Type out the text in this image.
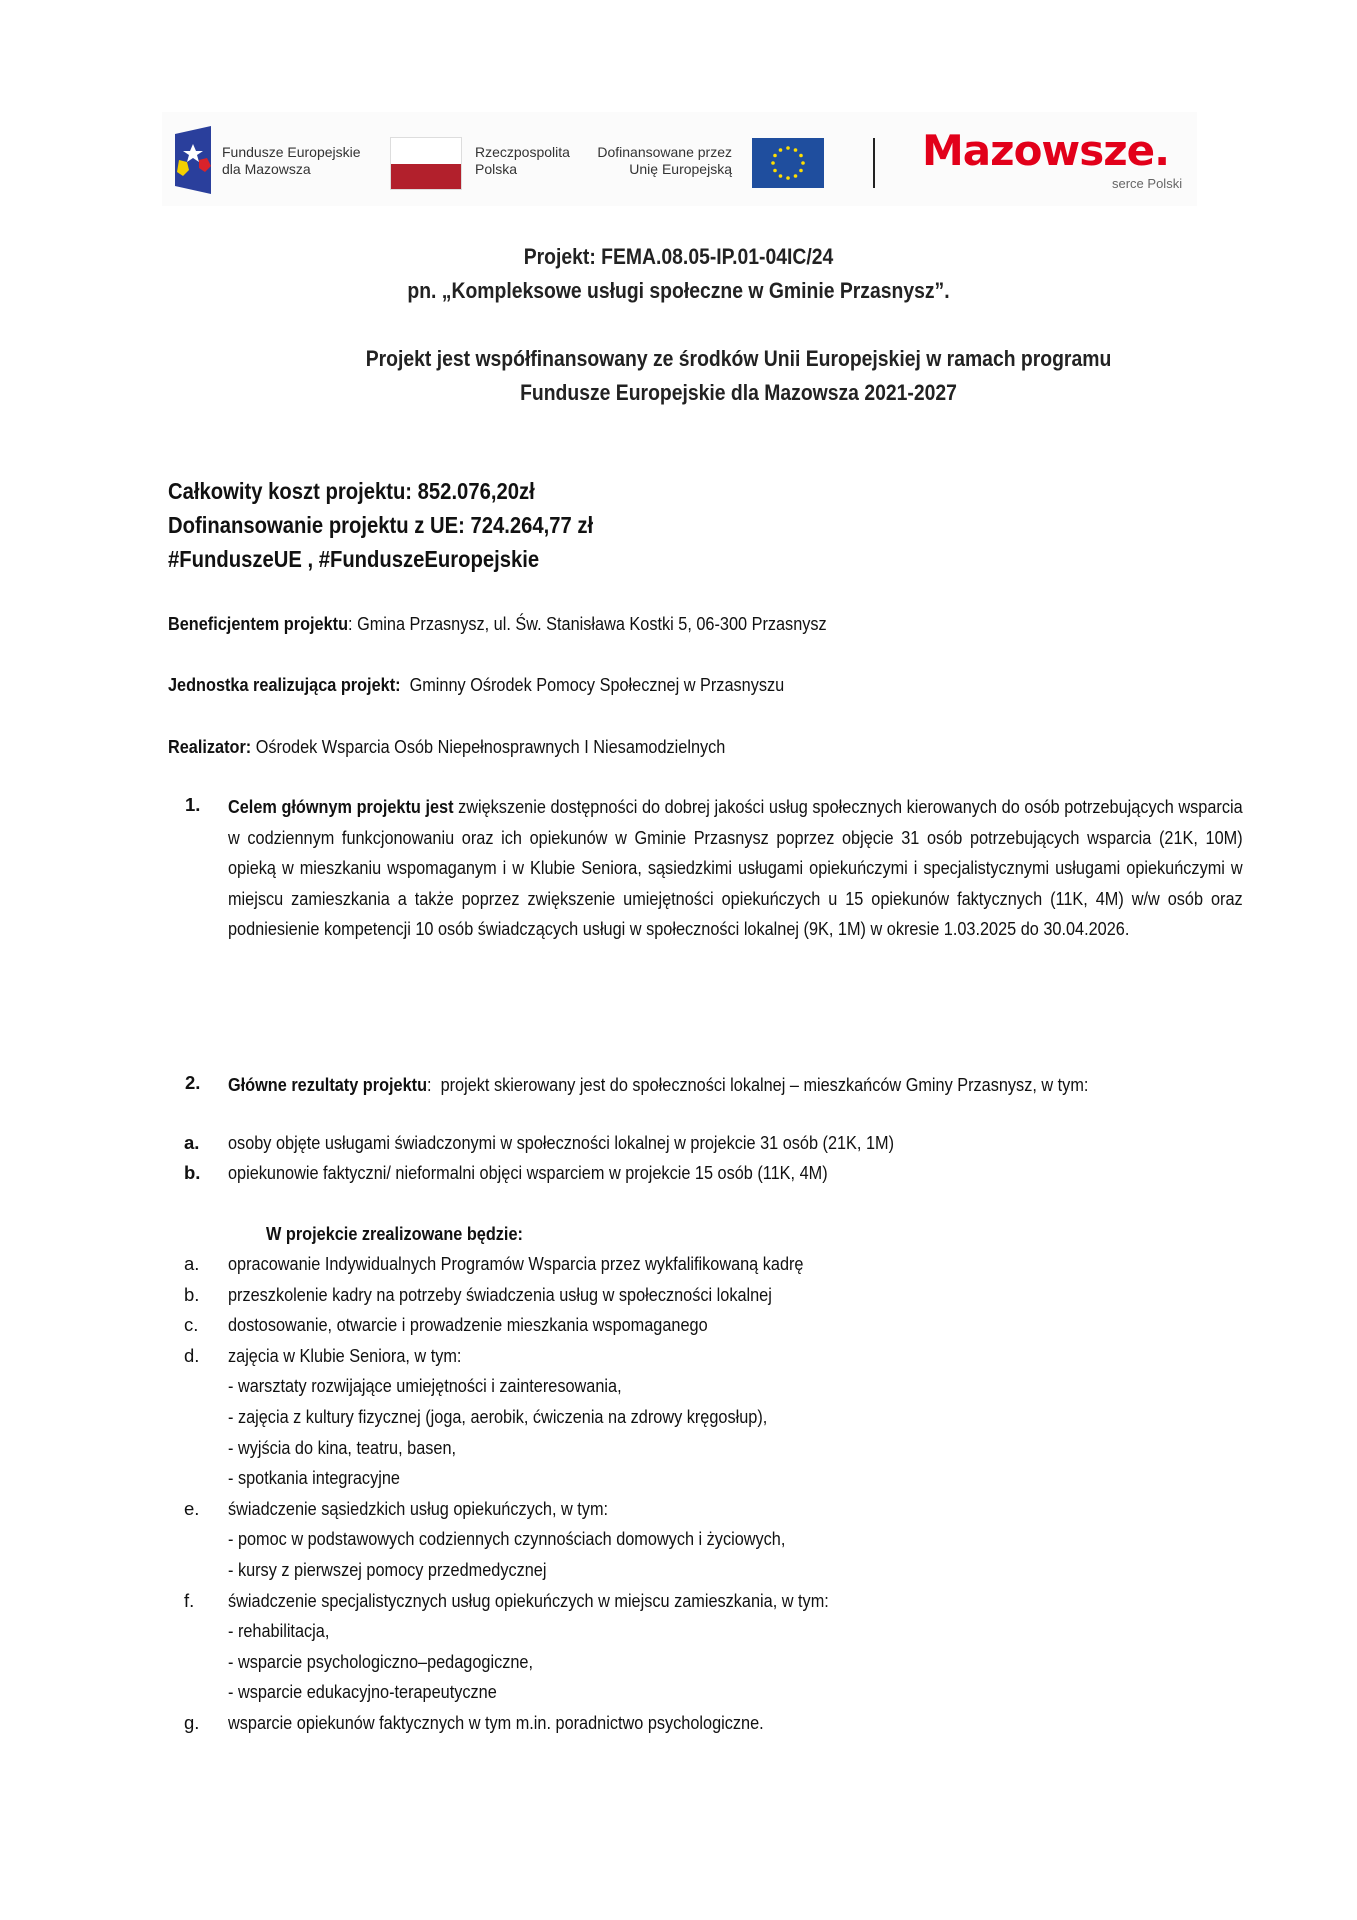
Fundusze Europejskie
dla Mazowsza
Rzeczpospolita
Polska
Dofinansowane przez
Unię Europejską	Mazowsze.
serce Polski
Projekt: FEMA.08.05-IP.01-04IC/24
pn. „Kompleksowe usługi społeczne w Gminie Przasnysz”.
Projekt jest współfinansowany ze środków Unii Europejskiej w ramach programu
Fundusze Europejskie dla Mazowsza 2021-2027
Całkowity koszt projektu: 852.076,20zł
Dofinansowanie projektu z UE: 724.264,77 zł
#FunduszeUE , #FunduszeEuropejskie
Beneficjentem projektu: Gmina Przasnysz, ul. Św. Stanisława Kostki 5, 06-300 Przasnysz
Jednostka realizująca projekt:  Gminny Ośrodek Pomocy Społecznej w Przasnyszu
Realizator: Ośrodek Wsparcia Osób Niepełnosprawnych I Niesamodzielnych
1. Celem głównym projektu jest zwiększenie dostępności do dobrej jakości usług społecznych kierowanych do osób potrzebujących wsparcia w codziennym funkcjonowaniu oraz ich opiekunów w Gminie Przasnysz poprzez objęcie 31 osób potrzebujących wsparcia (21K, 10M) opieką w mieszkaniu wspomaganym i w Klubie Seniora, sąsiedzkimi usługami opiekuńczymi i specjalistycznymi usługami opiekuńczymi w miejscu zamieszkania a także poprzez zwiększenie umiejętności opiekuńczych u 15 opiekunów faktycznych (11K, 4M) w/w osób oraz podniesienie kompetencji 10 osób świadczących usługi w społeczności lokalnej (9K, 1M) w okresie 1.03.2025 do 30.04.2026.
2. Główne rezultaty projektu:  projekt skierowany jest do społeczności lokalnej – mieszkańców Gminy Przasnysz, w tym:
a. osoby objęte usługami świadczonymi w społeczności lokalnej w projekcie 31 osób (21K, 1M)
b. opiekunowie faktyczni/ nieformalni objęci wsparciem w projekcie 15 osób (11K, 4M)
W projekcie zrealizowane będzie:
a. opracowanie Indywidualnych Programów Wsparcia przez wykfalifikowaną kadrę
b. przeszkolenie kadry na potrzeby świadczenia usług w społeczności lokalnej
c. dostosowanie, otwarcie i prowadzenie mieszkania wspomaganego
d. zajęcia w Klubie Seniora, w tym:
- warsztaty rozwijające umiejętności i zainteresowania,
- zajęcia z kultury fizycznej (joga, aerobik, ćwiczenia na zdrowy kręgosłup),
- wyjścia do kina, teatru, basen,
- spotkania integracyjne
e. świadczenie sąsiedzkich usług opiekuńczych, w tym:
- pomoc w podstawowych codziennych czynnościach domowych i życiowych,
- kursy z pierwszej pomocy przedmedycznej
f. świadczenie specjalistycznych usług opiekuńczych w miejscu zamieszkania, w tym:
- rehabilitacja,
- wsparcie psychologiczno–pedagogiczne,
- wsparcie edukacyjno-terapeutyczne
g. wsparcie opiekunów faktycznych w tym m.in. poradnictwo psychologiczne.
